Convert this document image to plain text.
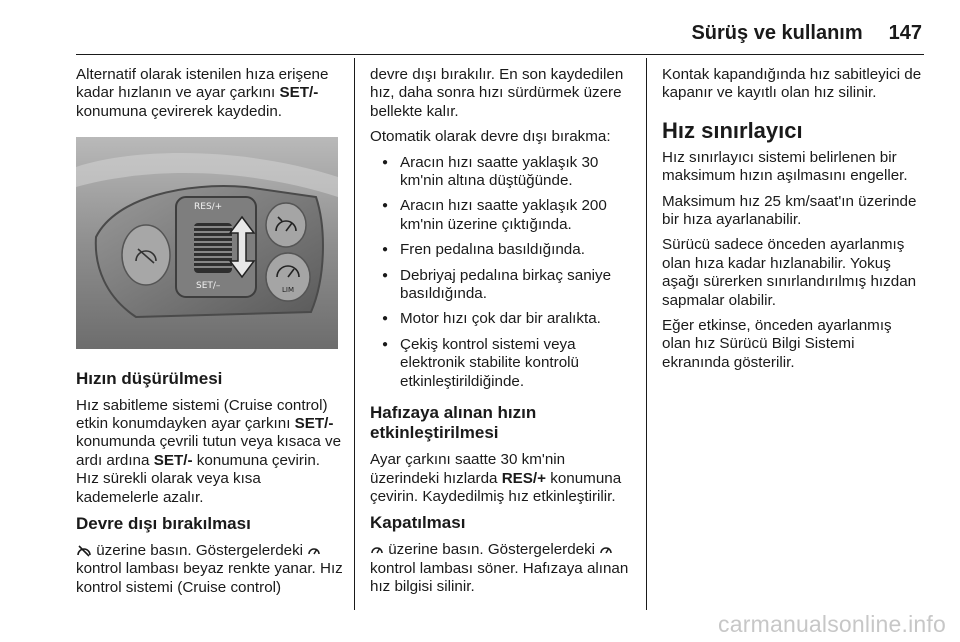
Sürüş ve kullanım 147

Alternatif olarak istenilen hıza erişene kadar hızlanın ve ayar çarkını SET/- konumuna çevirerek kaydedin.

RES/+
SET/–	LIM
Hızın düşürülmesi

Hız sabitleme sistemi (Cruise control) etkin konumdayken ayar çarkını SET/- konumunda çevrili tutun veya kısaca ve ardı ardına SET/- konumuna çevirin. Hız sürekli olarak veya kısa kademelerle azalır.

Devre dışı bırakılması

üzerine basın. Göstergelerdeki  kontrol lambası beyaz renkte yanar. Hız kontrol sistemi (Cruise control)

devre dışı bırakılır. En son kaydedilen hız, daha sonra hızı sürdürmek üzere bellekte kalır.

Otomatik olarak devre dışı bırakma:

● Aracın hızı saatte yaklaşık 30 km'nin altına düştüğünde.
● Aracın hızı saatte yaklaşık 200 km'nin üzerine çıktığında.
● Fren pedalına basıldığında.
● Debriyaj pedalına birkaç saniye basıldığında.
● Motor hızı çok dar bir aralıkta.
● Çekiş kontrol sistemi veya elektronik stabilite kontrolü etkinleştirildiğinde.
Hafızaya alınan hızın etkinleştirilmesi

Ayar çarkını saatte 30 km'nin üzerindeki hızlarda RES/+ konumuna çevirin. Kaydedilmiş hız etkinleştirilir.

Kapatılması

üzerine basın. Göstergelerdeki  kontrol lambası söner. Hafızaya alınan hız bilgisi silinir.

Kontak kapandığında hız sabitleyici de kapanır ve kayıtlı olan hız silinir.

Hız sınırlayıcı

Hız sınırlayıcı sistemi belirlenen bir maksimum hızın aşılmasını engeller.

Maksimum hız 25 km/saat'ın üzerinde bir hıza ayarlanabilir.

Sürücü sadece önceden ayarlanmış olan hıza kadar hızlanabilir. Yokuş aşağı sürerken sınırlandırılmış hızdan sapmalar olabilir.

Eğer etkinse, önceden ayarlanmış olan hız Sürücü Bilgi Sistemi ekranında gösterilir.

carmanualsonline.info
